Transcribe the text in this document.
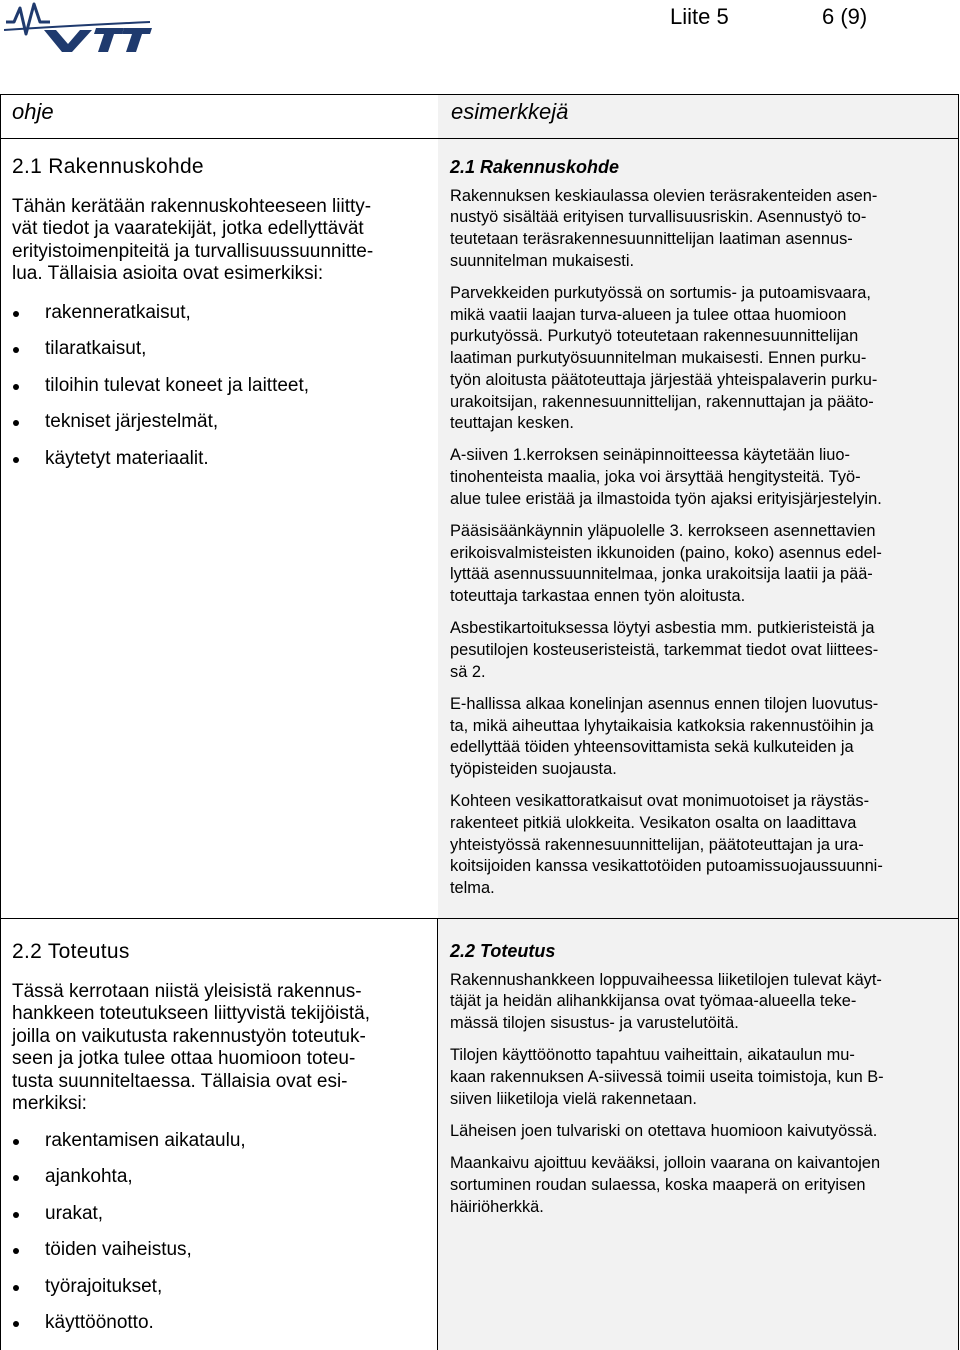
Liite 5	6 (9)
ohje	esimerkkejä
2.1 Rakennuskohde

Tähän kerätään rakennuskohteeseen liitty-
vät tiedot ja vaaratekijät, jotka edellyttävät
erityistoimenpiteitä ja turvallisuussuunnitte-
lua. Tällaisia asioita ovat esimerkiksi:

rakenneratkaisut,
tilaratkaisut,
tiloihin tulevat koneet ja laitteet,
tekniset järjestelmät,
käytetyt materiaalit.
2.1 Rakennuskohde

Rakennuksen keskiaulassa olevien teräsrakenteiden asen-
nustyö sisältää erityisen turvallisuusriskin. Asennustyö to-
teutetaan teräsrakennesuunnittelijan laatiman asennus-
suunnitelman mukaisesti.

Parvekkeiden purkutyössä on sortumis- ja putoamisvaara,
mikä vaatii laajan turva-alueen ja tulee ottaa huomioon
purkutyössä. Purkutyö toteutetaan rakennesuunnittelijan
laatiman purkutyösuunnitelman mukaisesti. Ennen purku-
työn aloitusta päätoteuttaja järjestää yhteispalaverin purku-
urakoitsijan, rakennesuunnittelijan, rakennuttajan ja pääto-
teuttajan kesken.

A-siiven 1.kerroksen seinäpinnoitteessa käytetään liuo-
tinohenteista maalia, joka voi ärsyttää hengitysteitä. Työ-
alue tulee eristää ja ilmastoida työn ajaksi erityisjärjestelyin.

Pääsisäänkäynnin yläpuolelle 3. kerrokseen asennettavien
erikoisvalmisteisten ikkunoiden (paino, koko) asennus edel-
lyttää asennussuunnitelmaa, jonka urakoitsija laatii ja pää-
toteuttaja tarkastaa ennen työn aloitusta.

Asbestikartoituksessa löytyi asbestia mm. putkieristeistä ja
pesutilojen kosteuseristeistä, tarkemmat tiedot ovat liittees-
sä 2.

E-hallissa alkaa konelinjan asennus ennen tilojen luovutus-
ta, mikä aiheuttaa lyhytaikaisia katkoksia rakennustöihin ja
edellyttää töiden yhteensovittamista sekä kulkuteiden ja
työpisteiden suojausta.

Kohteen vesikattoratkaisut ovat monimuotoiset ja räystäs-
rakenteet pitkiä ulokkeita. Vesikaton osalta on laadittava
yhteistyössä rakennesuunnittelijan, päätoteuttajan ja ura-
koitsijoiden kanssa vesikattotöiden putoamissuojaussuunni-
telma.

2.2 Toteutus

Tässä kerrotaan niistä yleisistä rakennus-
hankkeen toteutukseen liittyvistä tekijöistä,
joilla on vaikutusta rakennustyön toteutuk-
seen ja jotka tulee ottaa huomioon toteu-
tusta suunniteltaessa. Tällaisia ovat esi-
merkiksi:

rakentamisen aikataulu,
ajankohta,
urakat,
töiden vaiheistus,
työrajoitukset,
käyttöönotto.
2.2 Toteutus

Rakennushankkeen loppuvaiheessa liiketilojen tulevat käyt-
täjät ja heidän alihankkijansa ovat työmaa-alueella teke-
mässä tilojen sisustus- ja varustelutöitä.

Tilojen käyttöönotto tapahtuu vaiheittain, aikataulun mu-
kaan rakennuksen A-siivessä toimii useita toimistoja, kun B-
siiven liiketiloja vielä rakennetaan.

Läheisen joen tulvariski on otettava huomioon kaivutyössä.

Maankaivu ajoittuu kevääksi, jolloin vaarana on kaivantojen
sortuminen roudan sulaessa, koska maaperä on erityisen
häiriöherkkä.
